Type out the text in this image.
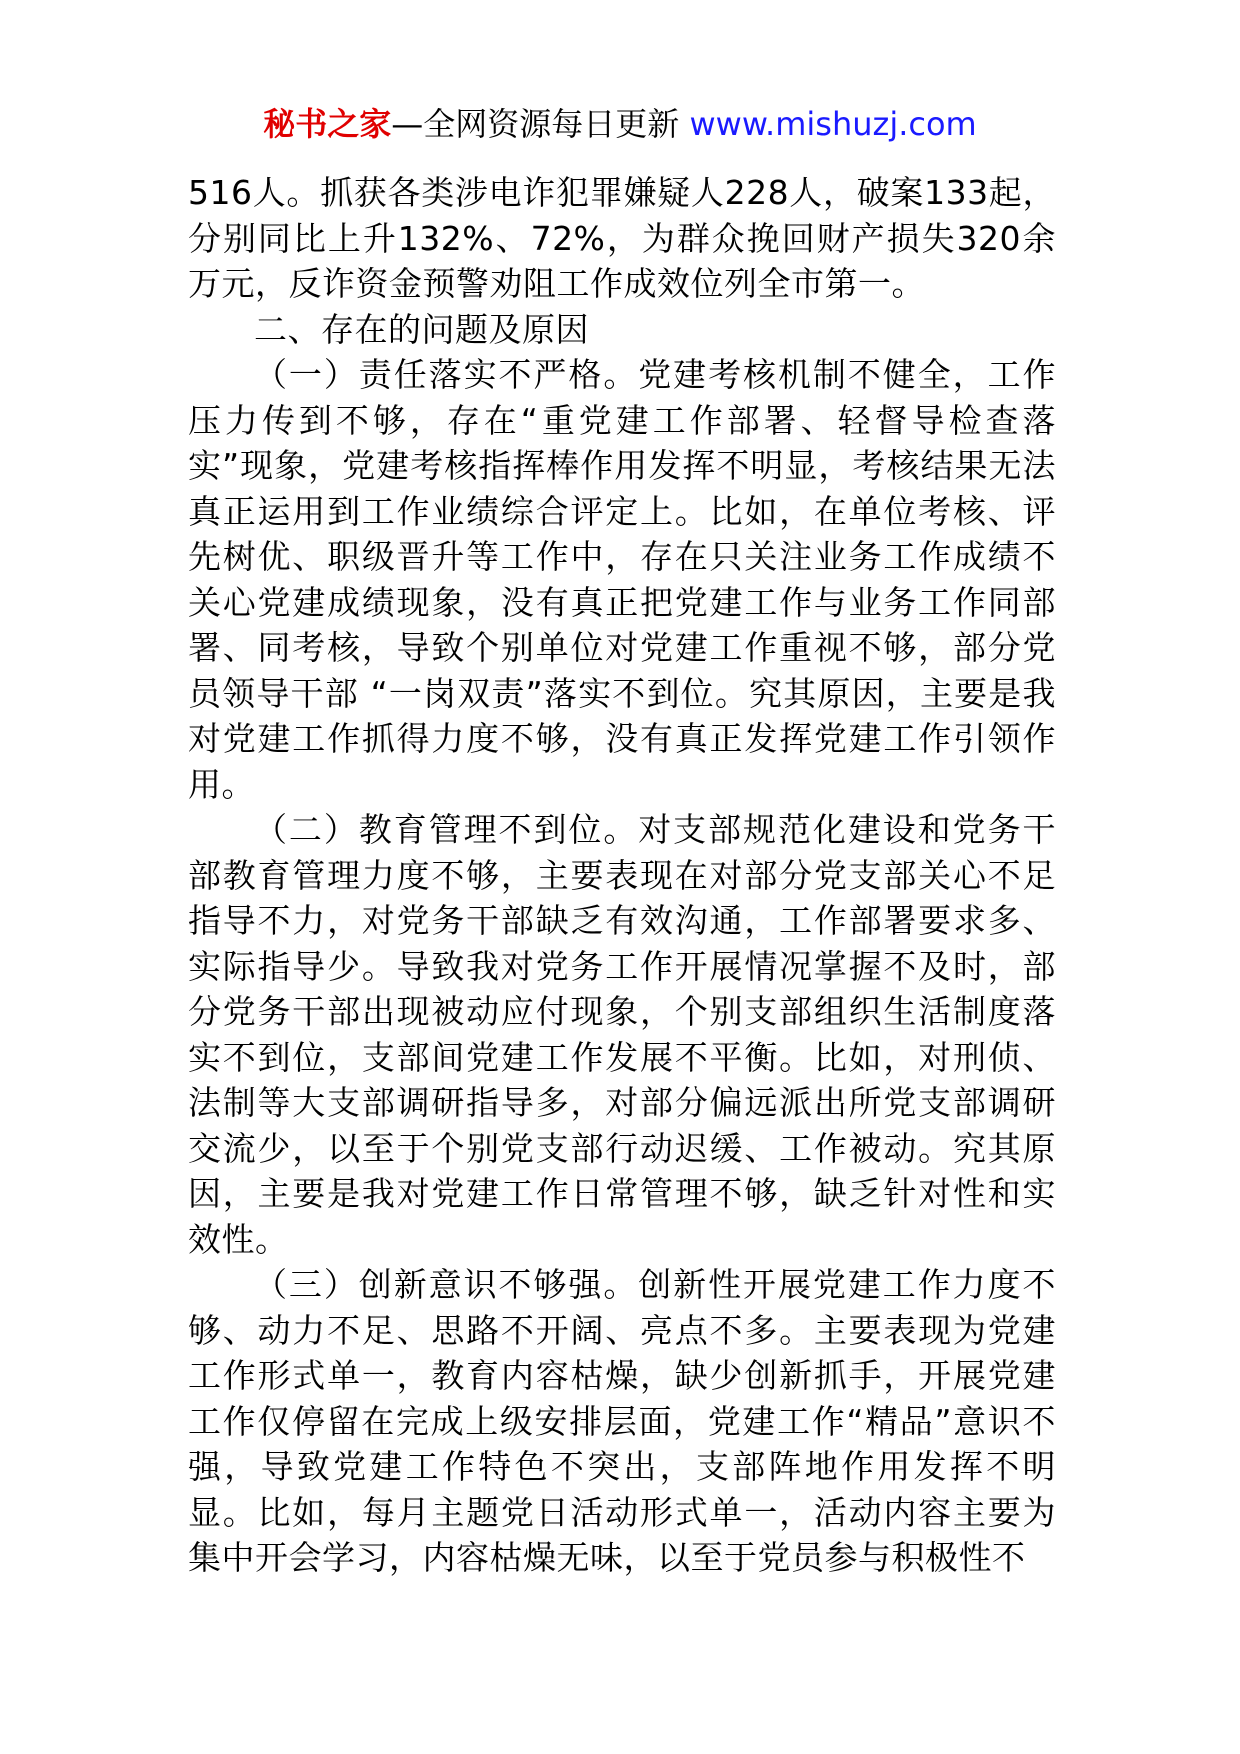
秘书之家—全网资源每日更新 www.mishuzj.com

516人。抓获各类涉电诈犯罪嫌疑人228人，破案133起，分别同比上升132%、72%，为群众挽回财产损失320余万元，反诈资金预警劝阻工作成效位列全市第一。

二、存在的问题及原因

（一）责任落实不严格。党建考核机制不健全，工作压力传到不够，存在“重党建工作部署、轻督导检查落实”现象，党建考核指挥棒作用发挥不明显，考核结果无法真正运用到工作业绩综合评定上。比如，在单位考核、评先树优、职级晋升等工作中，存在只关注业务工作成绩不关心党建成绩现象，没有真正把党建工作与业务工作同部署、同考核，导致个别单位对党建工作重视不够，部分党员领导干部 “一岗双责”落实不到位。究其原因，主要是我对党建工作抓得力度不够，没有真正发挥党建工作引领作用。

（二）教育管理不到位。对支部规范化建设和党务干部教育管理力度不够，主要表现在对部分党支部关心不足指导不力，对党务干部缺乏有效沟通，工作部署要求多、实际指导少。导致我对党务工作开展情况掌握不及时，部分党务干部出现被动应付现象，个别支部组织生活制度落实不到位，支部间党建工作发展不平衡。比如，对刑侦、法制等大支部调研指导多，对部分偏远派出所党支部调研交流少，以至于个别党支部行动迟缓、工作被动。究其原因，主要是我对党建工作日常管理不够，缺乏针对性和实效性。

（三）创新意识不够强。创新性开展党建工作力度不够、动力不足、思路不开阔、亮点不多。主要表现为党建工作形式单一，教育内容枯燥，缺少创新抓手，开展党建工作仅停留在完成上级安排层面，党建工作“精品”意识不强，导致党建工作特色不突出，支部阵地作用发挥不明显。比如，每月主题党日活动形式单一，活动内容主要为集中开会学习，内容枯燥无味，以至于党员参与积极性不
